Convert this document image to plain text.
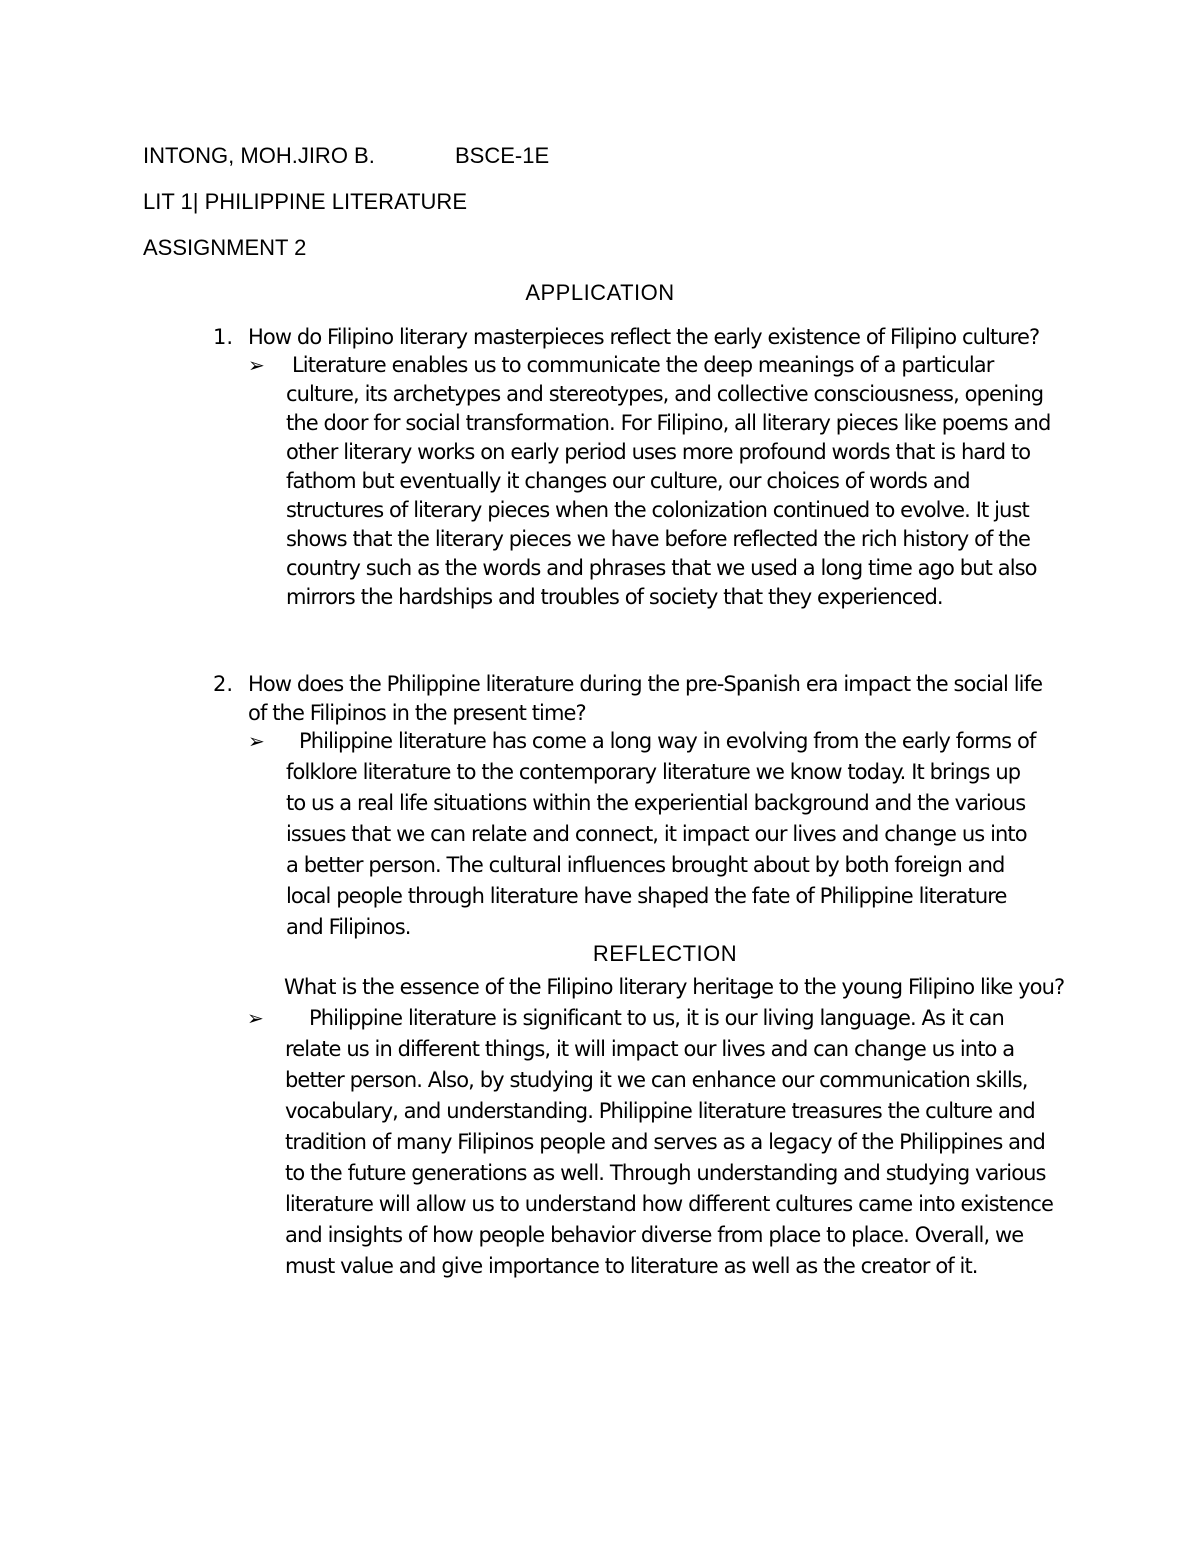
INTONG, MOH.JIRO B.	BSCE-1E
LIT 1| PHILIPPINE LITERATURE
ASSIGNMENT 2
APPLICATION
1. How do Filipino literary masterpieces reflect the early existence of Filipino culture?
➢ Literature enables us to communicate the deep meanings of a particular culture, its archetypes and stereotypes, and collective consciousness, opening the door for social transformation. For Filipino, all literary pieces like poems and other literary works on early period uses more profound words that is hard to fathom but eventually it changes our culture, our choices of words and structures of literary pieces when the colonization continued to evolve. It just shows that the literary pieces we have before reflected the rich history of the country such as the words and phrases that we used a long time ago but also mirrors the hardships and troubles of society that they experienced.
2. How does the Philippine literature during the pre-Spanish era impact the social life of the Filipinos in the present time?
➢	Philippine literature has come a long way in evolving from the early forms of folklore literature to the contemporary literature we know today. It brings up to us a real life situations within the experiential background and the various issues that we can relate and connect, it impact our lives and change us into a better person. The cultural influences brought about by both foreign and local people through literature have shaped the fate of Philippine literature and Filipinos.
REFLECTION
What is the essence of the Filipino literary heritage to the young Filipino like you?
➢	Philippine literature is significant to us, it is our living language. As it can relate us in different things, it will impact our lives and can change us into a better person. Also, by studying it we can enhance our communication skills, vocabulary, and understanding. Philippine literature treasures the culture and tradition of many Filipinos people and serves as a legacy of the Philippines and to the future generations as well. Through understanding and studying various literature will allow us to understand how different cultures came into existence and insights of how people behavior diverse from place to place. Overall, we must value and give importance to literature as well as the creator of it.
